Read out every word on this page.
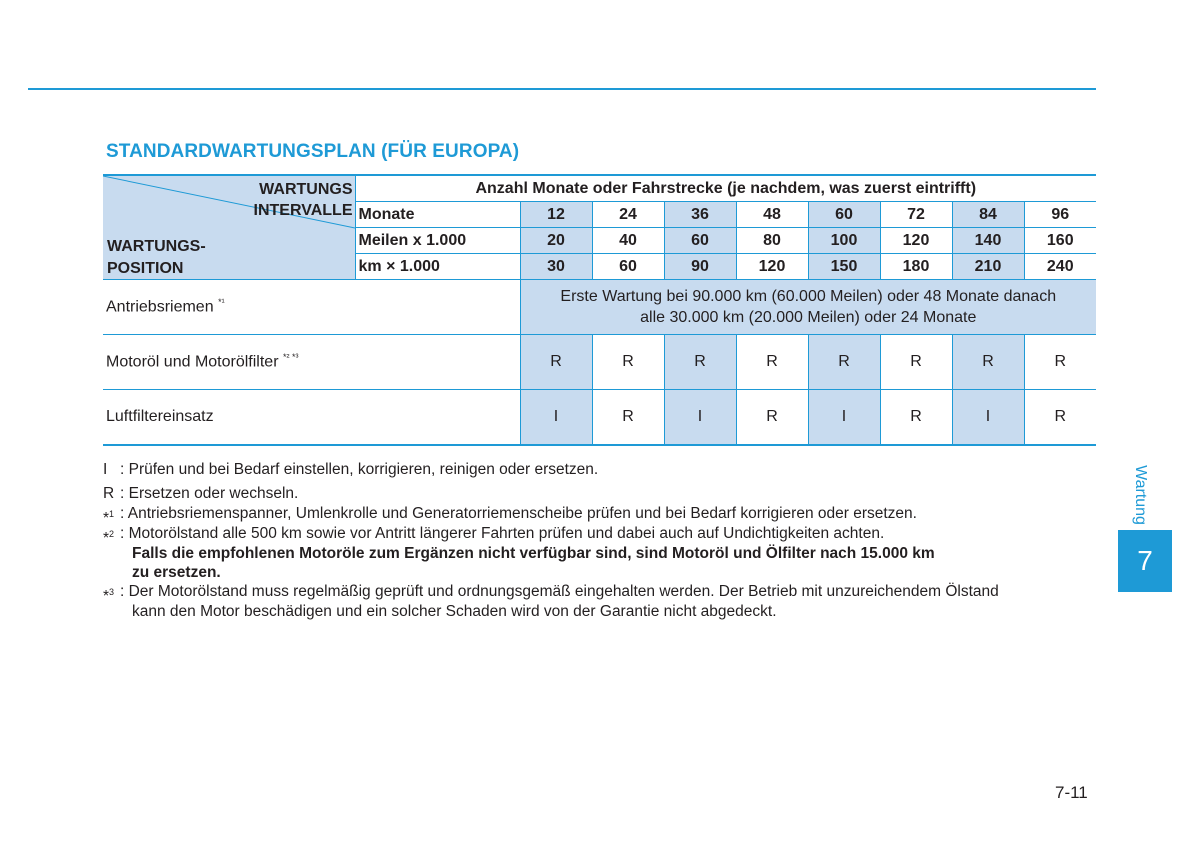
STANDARDWARTUNGSPLAN (FÜR EUROPA)
WARTUNGS
INTERVALLE
WARTUNGS-
POSITION	Anzahl Monate oder Fahrstrecke (je nachdem, was zuerst eintrifft)								
	Monate	12	24	36	48	60	72	84	96
	Meilen x 1.000	20	40	60	80	100	120	140	160
	km × 1.000	30	60	90	120	150	180	210	240
Antriebsriemen $^{*^1}$		Erste Wartung bei 90.000 km (60.000 Meilen) oder 48 Monate danach
alle 30.000 km (20.000 Meilen) oder 24 Monate							

Motoröl und Motorölfilter $^{*^2 *^3}$		R	R	R	R	R	R	R	R
Luftfiltereinsatz		I	R	I	R	I	R	I	R
I : Prüfen und bei Bedarf einstellen, korrigieren, reinigen oder ersetzen.
R : Ersetzen oder wechseln.
*$^1$ : Antriebsriemenspanner, Umlenkrolle und Generatorriemenscheibe prüfen und bei Bedarf korrigieren oder ersetzen.
*$^2$ : Motorölstand alle 500 km sowie vor Antritt längerer Fahrten prüfen und dabei auch auf Undichtigkeiten achten.
Falls die empfohlenen Motoröle zum Ergänzen nicht verfügbar sind, sind Motoröl und Ölfilter nach 15.000 km
zu ersetzen.
*$^3$ : Der Motorölstand muss regelmäßig geprüft und ordnungsgemäß eingehalten werden. Der Betrieb mit unzureichendem Ölstand
kann den Motor beschädigen und ein solcher Schaden wird von der Garantie nicht abgedeckt.
Wartung
7
7-11
